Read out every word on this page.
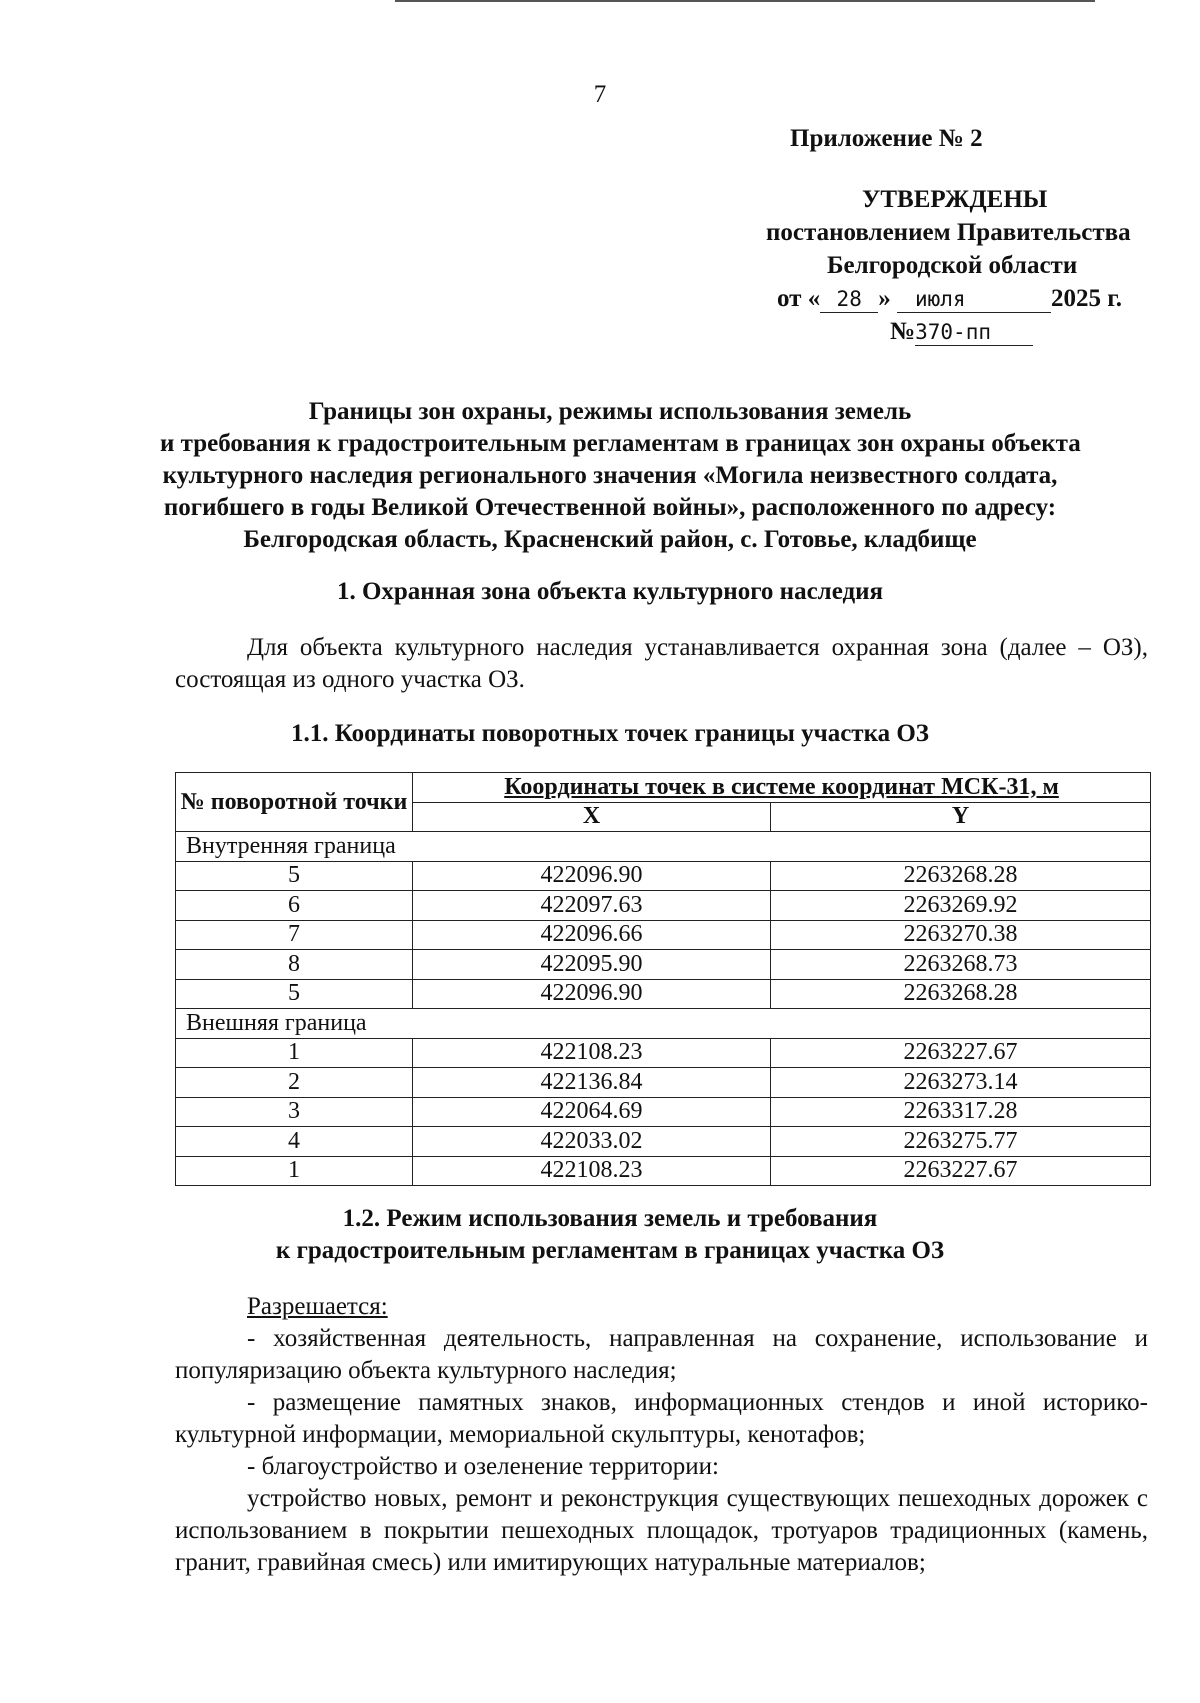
7
Приложение № 2
УТВЕРЖДЕНЫ
постановлением Правительства
Белгородской области
от « 28 » июля	2025 г.
№370-пп
Границы зон охраны, режимы использования земель
и требования к градостроительным регламентам в границах зон охраны объекта
культурного наследия регионального значения «Могила неизвестного солдата,
погибшего в годы Великой Отечественной войны», расположенного по адресу:
Белгородская область, Красненский район, с. Готовье, кладбище
1. Охранная зона объекта культурного наследия
Для объекта культурного наследия устанавливается охранная зона (далее – ОЗ), состоящая из одного участка ОЗ.
1.1. Координаты поворотных точек границы участка ОЗ
№ поворотной точки	Координаты точек в системе координат МСК-31, м	
	X	Y
Внутренняя граница		
5	422096.90	2263268.28
6	422097.63	2263269.92
7	422096.66	2263270.38
8	422095.90	2263268.73
5	422096.90	2263268.28
Внешняя граница		
1	422108.23	2263227.67
2	422136.84	2263273.14
3	422064.69	2263317.28
4	422033.02	2263275.77
1	422108.23	2263227.67
1.2. Режим использования земель и требования
к градостроительным регламентам в границах участка ОЗ
Разрешается:
- хозяйственная деятельность, направленная на сохранение, использование и популяризацию объекта культурного наследия;
- размещение памятных знаков, информационных стендов и иной историко-культурной информации, мемориальной скульптуры, кенотафов;
- благоустройство и озеленение территории:
устройство новых, ремонт и реконструкция существующих пешеходных дорожек с использованием в покрытии пешеходных площадок, тротуаров традиционных (камень, гранит, гравийная смесь) или имитирующих натуральные материалов;
